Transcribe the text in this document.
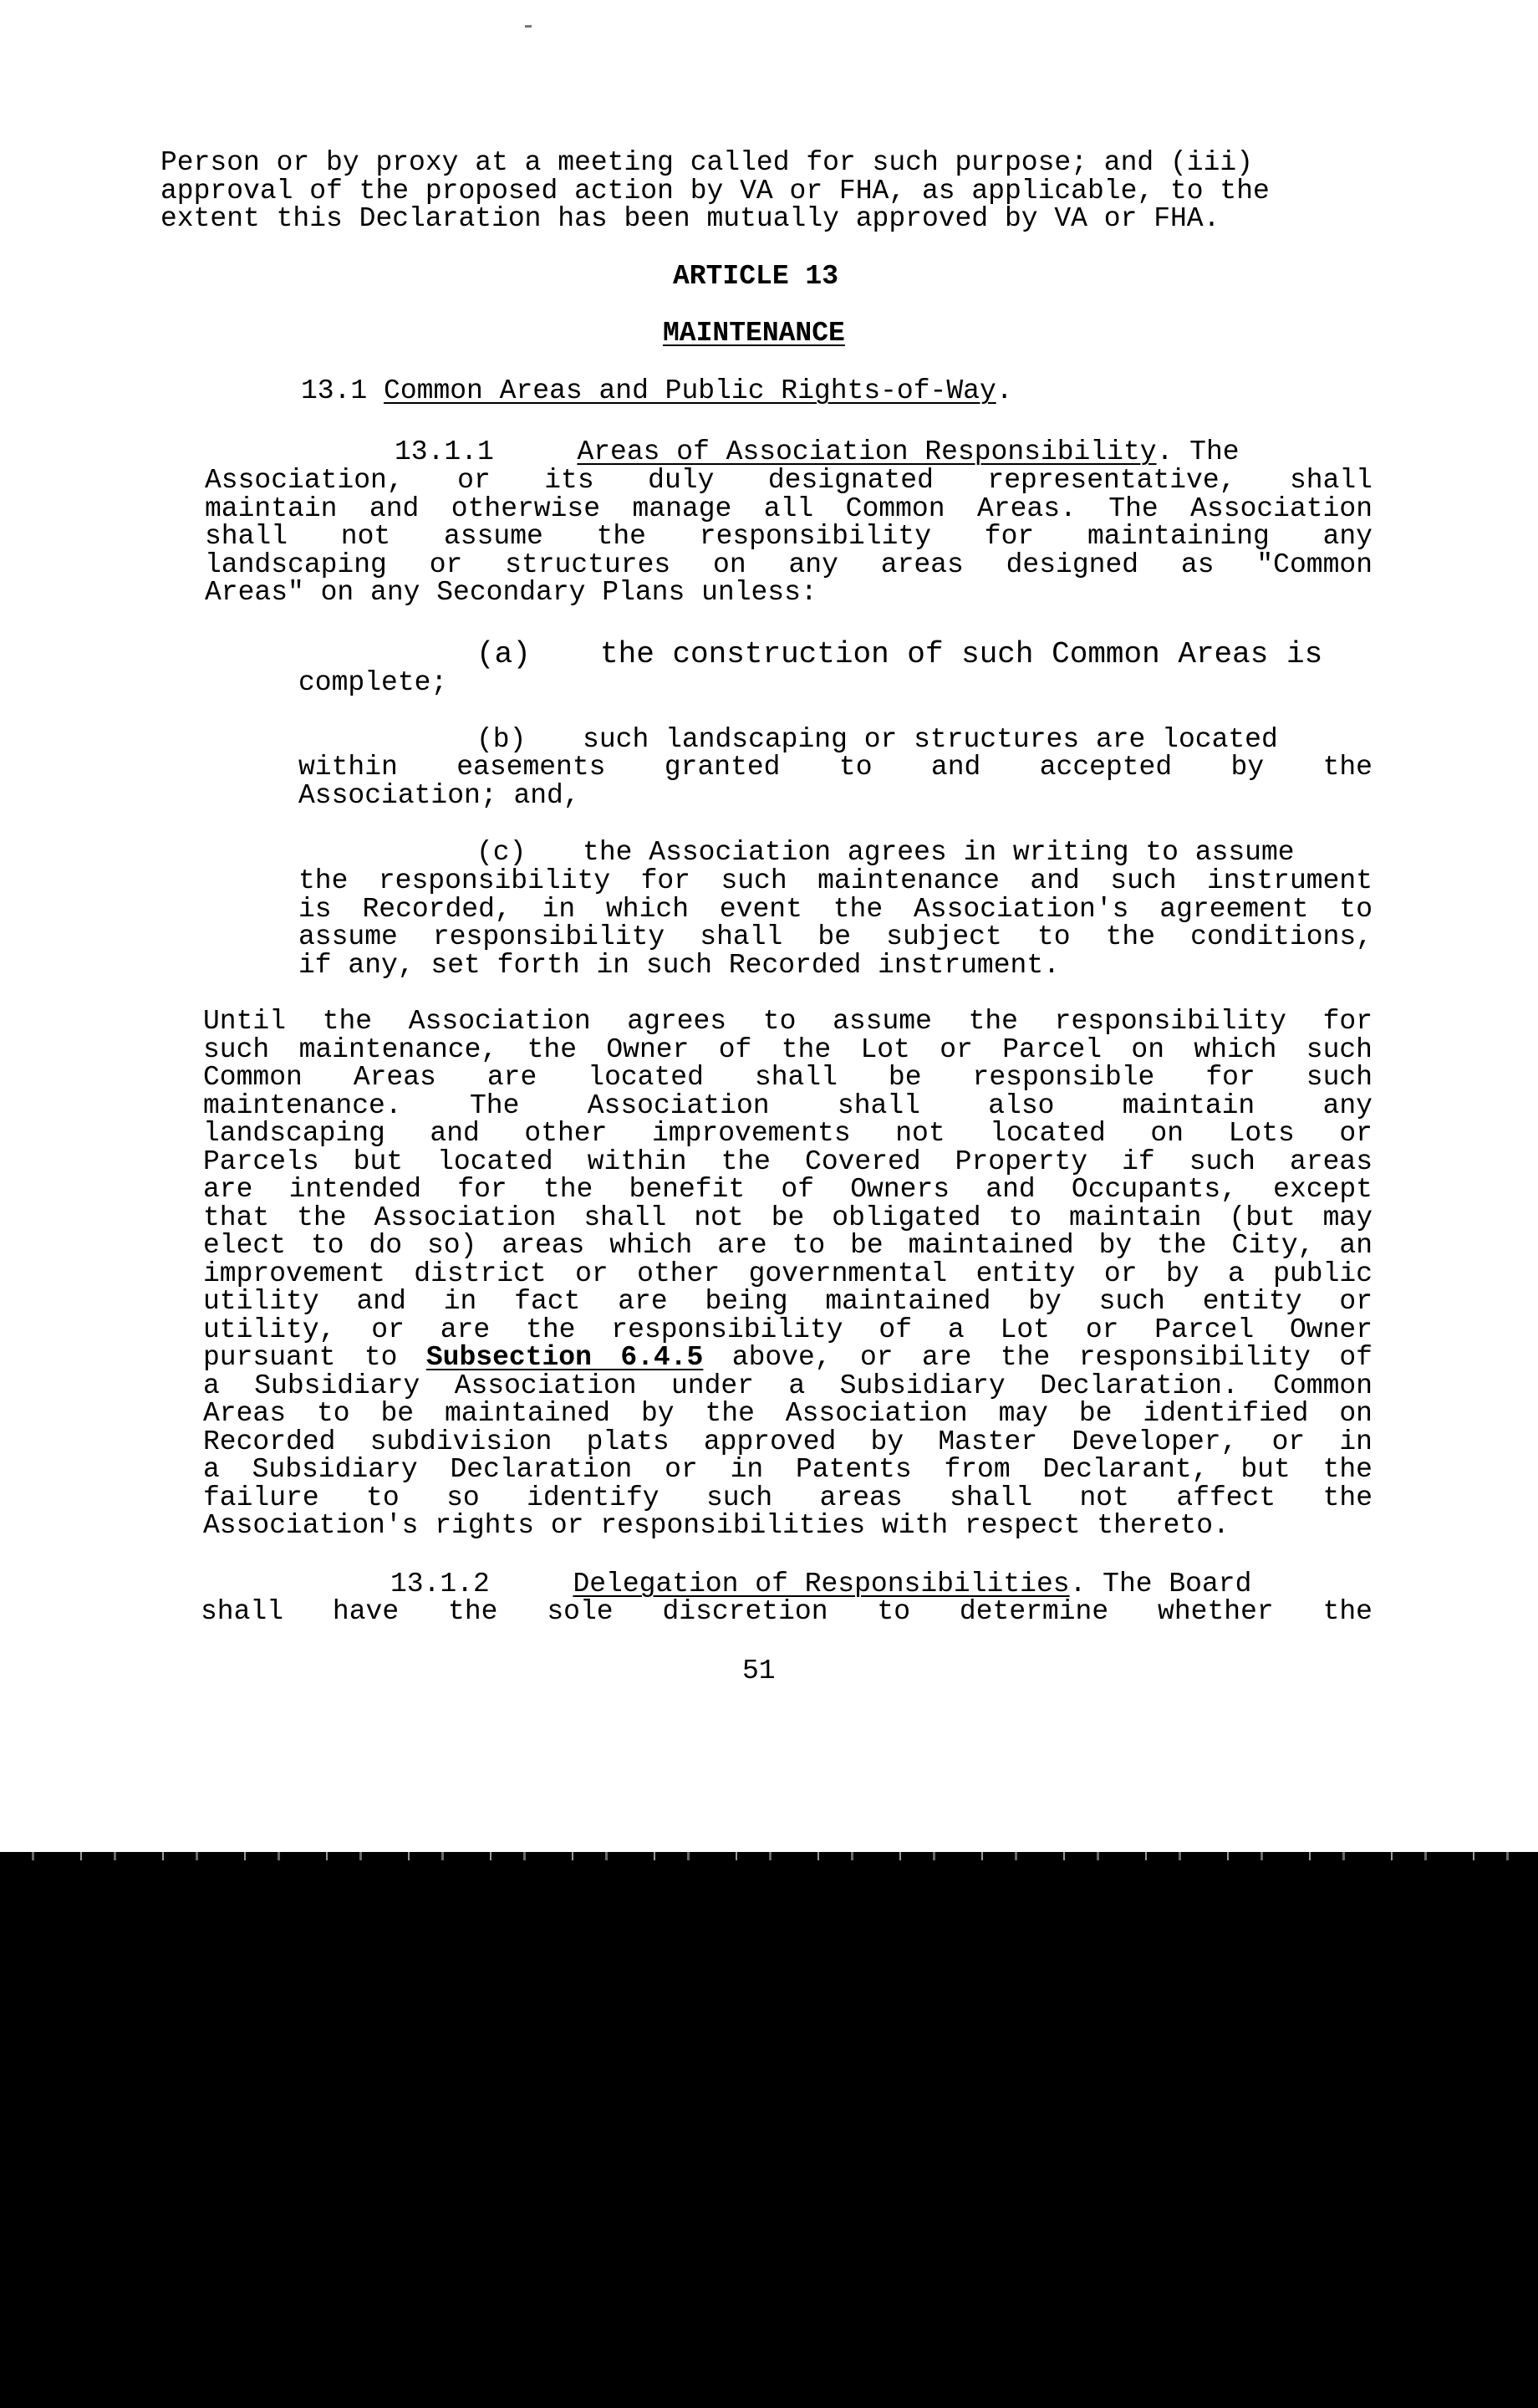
Person or by proxy at a meeting called for such purpose; and (iii)
approval of the proposed action by VA or FHA, as applicable, to the
extent this Declaration has been mutually approved by VA or FHA.
ARTICLE 13
MAINTENANCE
13.1 Common Areas and Public Rights-of-Way.
13.1.1	Areas of Association Responsibility. The
Association, or its duly designated representative, shall
maintain and otherwise manage all Common Areas. The Association
shall not assume the responsibility for maintaining any
landscaping or structures on any areas designed as "Common
Areas" on any Secondary Plans unless:
(a) the construction of such Common Areas is
complete;
(b) such landscaping or structures are located
within easements granted to and accepted by the
Association; and,
(c) the Association agrees in writing to assume
the responsibility for such maintenance and such instrument
is Recorded, in which event the Association's agreement to
assume responsibility shall be subject to the conditions,
if any, set forth in such Recorded instrument.
Until the Association agrees to assume the responsibility for
such maintenance, the Owner of the Lot or Parcel on which such
Common Areas are located shall be responsible for such
maintenance. The Association shall also maintain any
landscaping and other improvements not located on Lots or
Parcels but located within the Covered Property if such areas
are intended for the benefit of Owners and Occupants, except
that the Association shall not be obligated to maintain (but may
elect to do so) areas which are to be maintained by the City, an
improvement district or other governmental entity or by a public
utility and in fact are being maintained by such entity or
utility, or are the responsibility of a Lot or Parcel Owner
pursuant to Subsection 6.4.5 above, or are the responsibility of
a Subsidiary Association under a Subsidiary Declaration. Common
Areas to be maintained by the Association may be identified on
Recorded subdivision plats approved by Master Developer, or in
a Subsidiary Declaration or in Patents from Declarant, but the
failure to so identify such areas shall not affect the
Association's rights or responsibilities with respect thereto.
13.1.2	Delegation of Responsibilities. The Board
shall have the sole discretion to determine whether the
51
